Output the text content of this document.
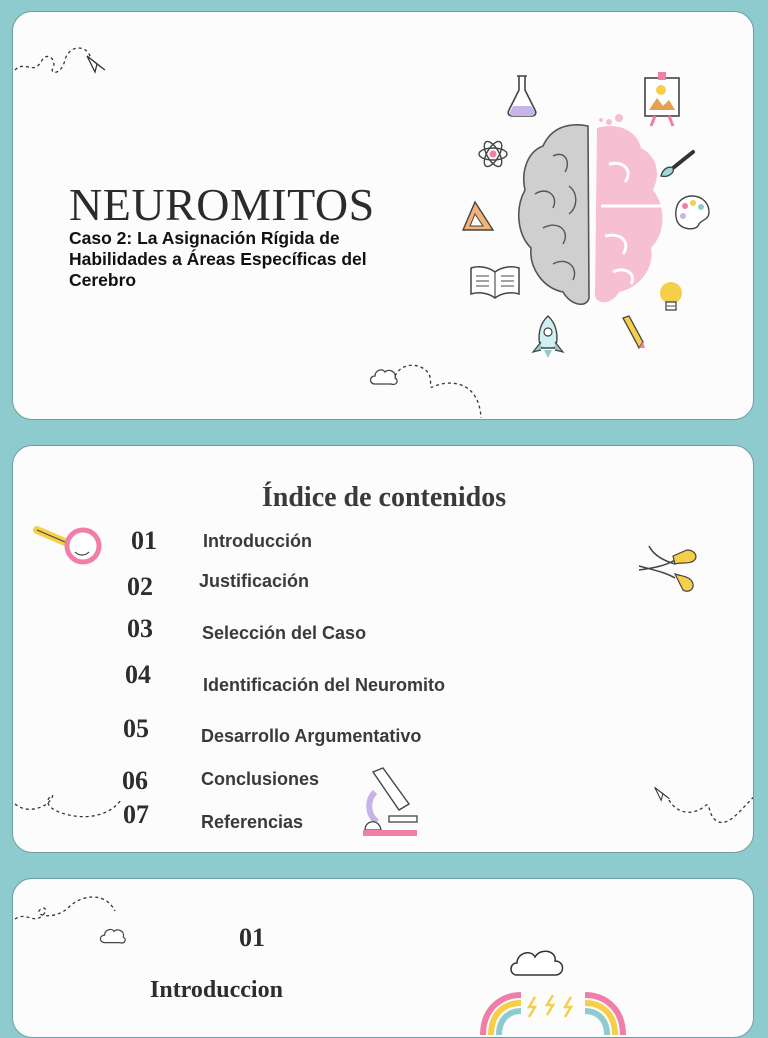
NEUROMITOS
Caso 2: La Asignación Rígida de Habilidades a Áreas Específicas del Cerebro
Índice de contenidos
01	Introducción
02	Justificación
03	Selección del Caso
04	Identificación del Neuromito
05	Desarrollo Argumentativo
06	Conclusiones
07	Referencias
01
Introduccion
